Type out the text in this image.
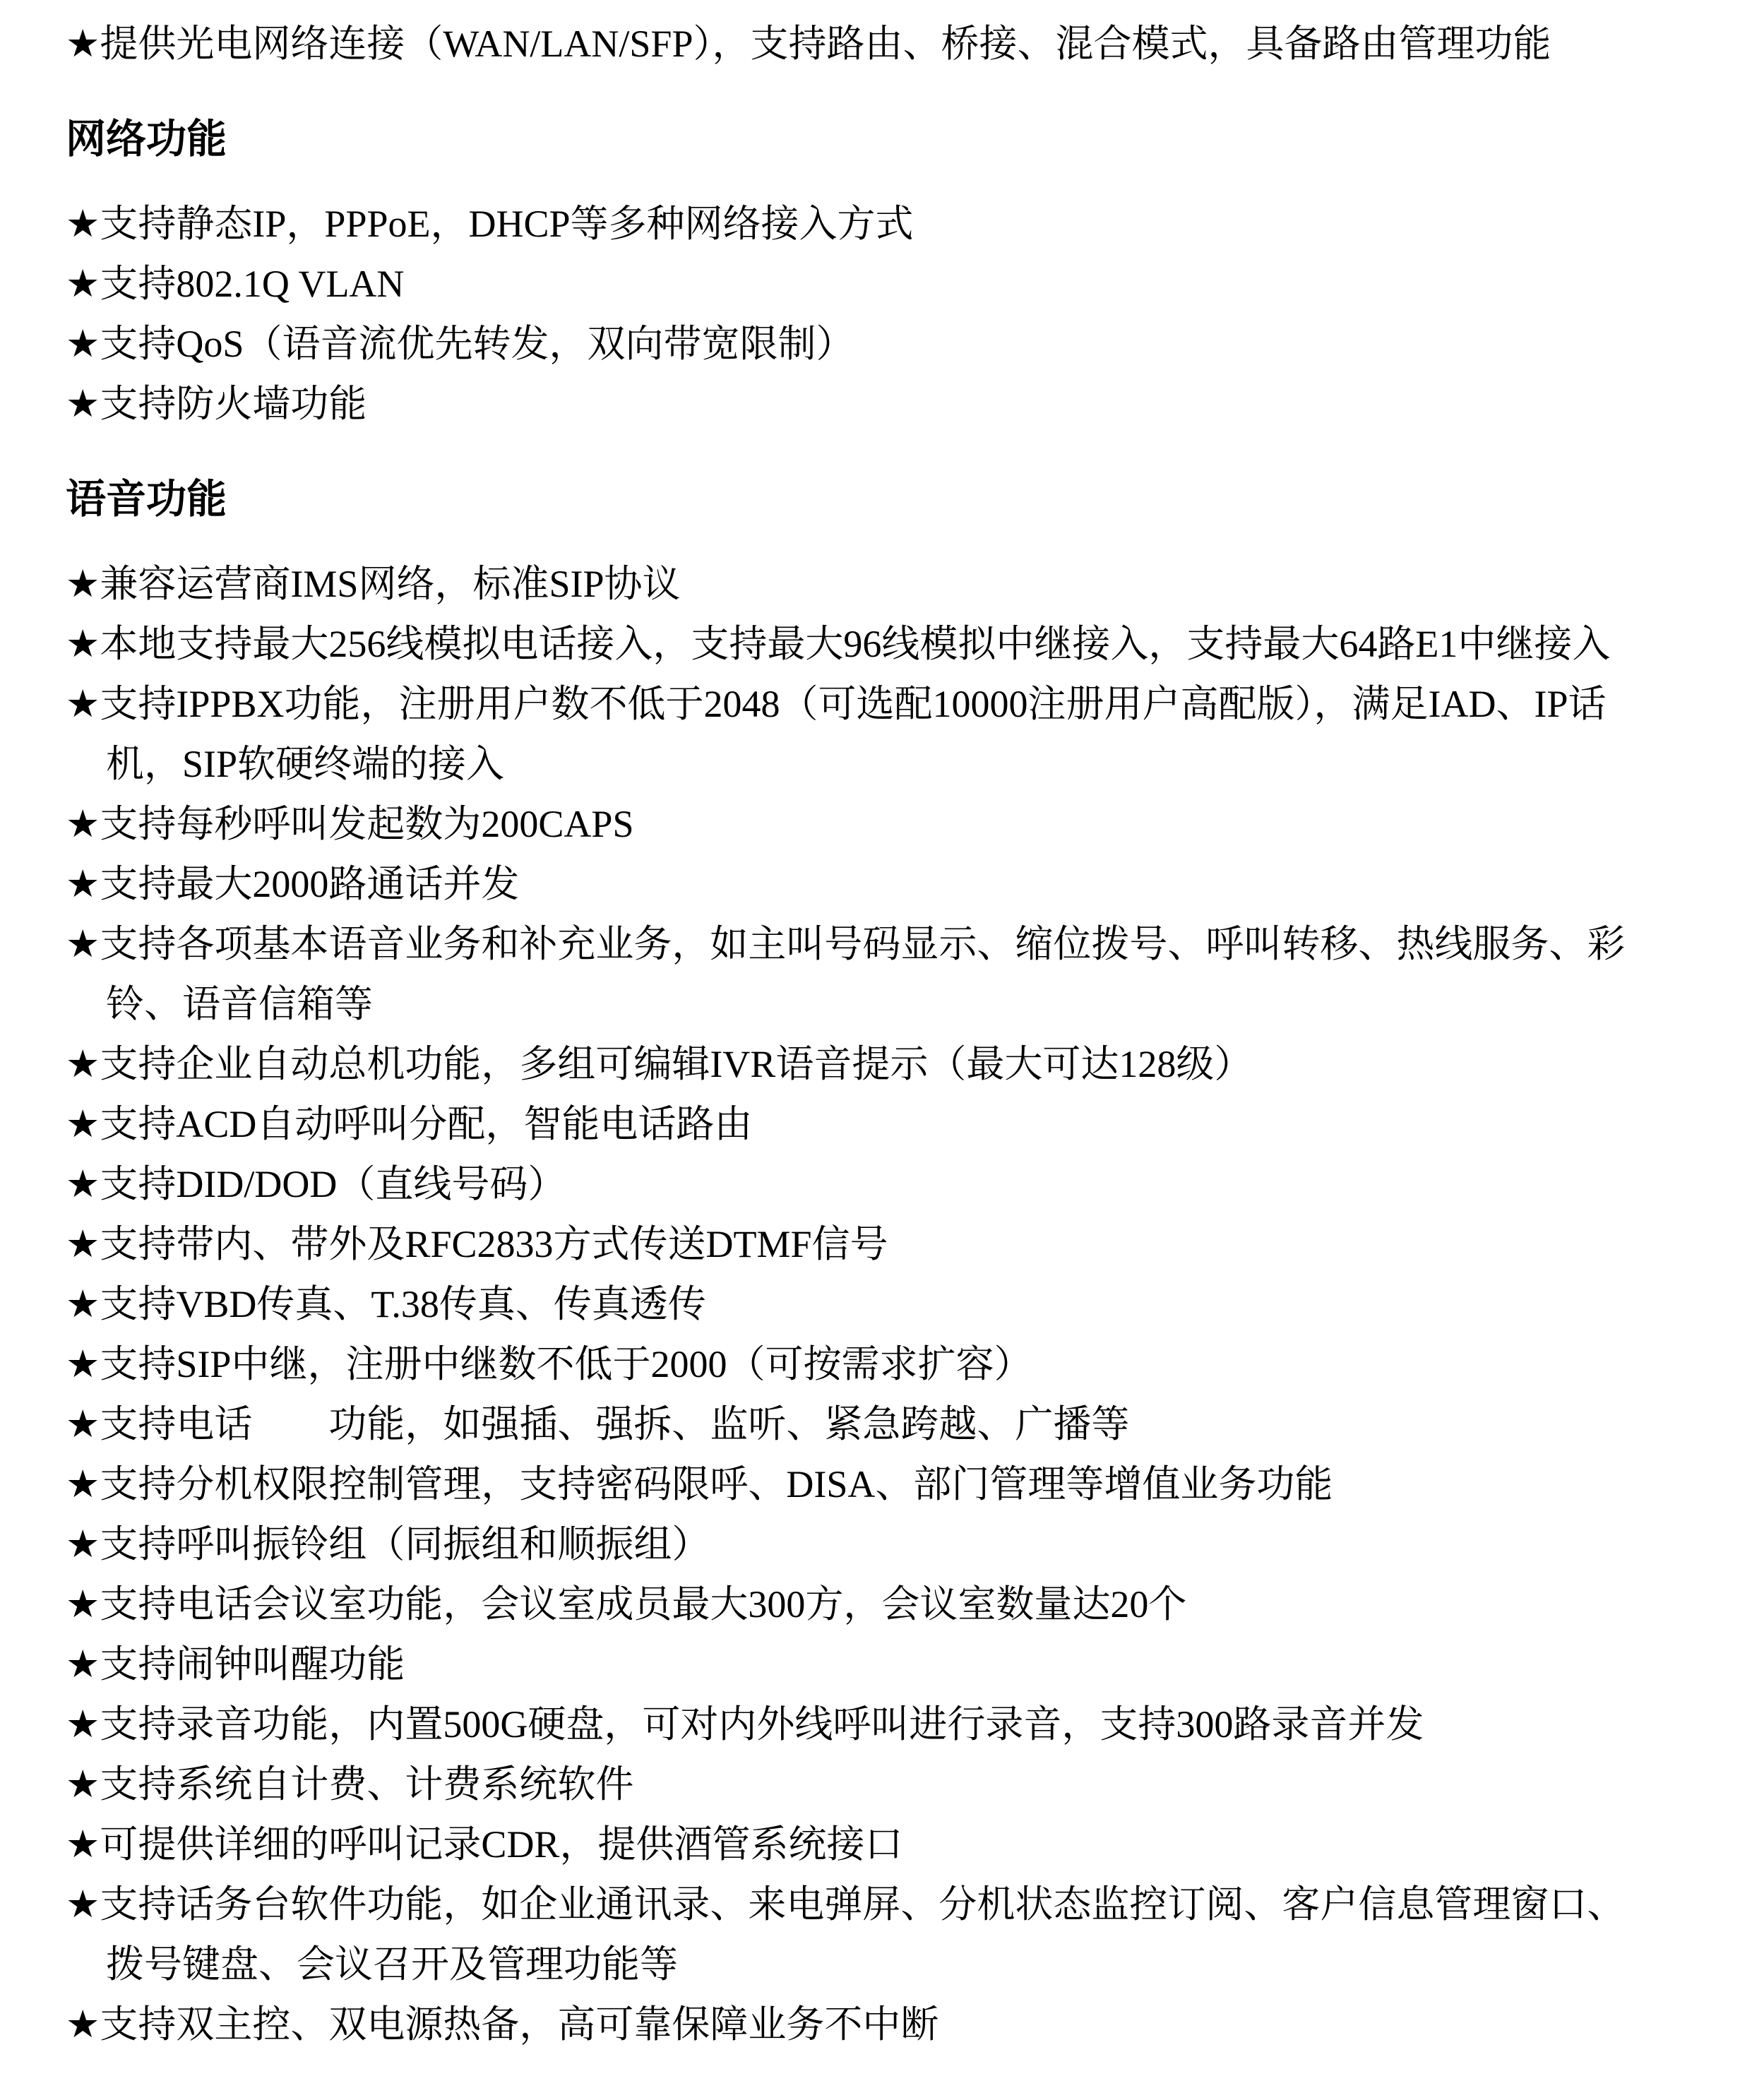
★提供光电网络连接（WAN/LAN/SFP），支持路由、桥接、混合模式，具备路由管理功能
网络功能
★支持静态IP，PPPoE，DHCP等多种网络接入方式
★支持802.1Q VLAN
★支持QoS（语音流优先转发，双向带宽限制）
★支持防火墙功能
语音功能
★兼容运营商IMS网络，标准SIP协议
★本地支持最大256线模拟电话接入，支持最大96线模拟中继接入，支持最大64路E1中继接入
★支持IPPBX功能，注册用户数不低于2048（可选配10000注册用户高配版），满足IAD、IP话
机，SIP软硬终端的接入
★支持每秒呼叫发起数为200CAPS
★支持最大2000路通话并发
★支持各项基本语音业务和补充业务，如主叫号码显示、缩位拨号、呼叫转移、热线服务、彩
铃、语音信箱等
★支持企业自动总机功能，多组可编辑IVR语音提示（最大可达128级）
★支持ACD自动呼叫分配，智能电话路由
★支持DID/DOD（直线号码）
★支持带内、带外及RFC2833方式传送DTMF信号
★支持VBD传真、T.38传真、传真透传
★支持SIP中继，注册中继数不低于2000（可按需求扩容）
★支持电话　　功能，如强插、强拆、监听、紧急跨越、广播等
★支持分机权限控制管理，支持密码限呼、DISA、部门管理等增值业务功能
★支持呼叫振铃组（同振组和顺振组）
★支持电话会议室功能，会议室成员最大300方，会议室数量达20个
★支持闹钟叫醒功能
★支持录音功能，内置500G硬盘，可对内外线呼叫进行录音，支持300路录音并发
★支持系统自计费、计费系统软件
★可提供详细的呼叫记录CDR，提供酒管系统接口
★支持话务台软件功能，如企业通讯录、来电弹屏、分机状态监控订阅、客户信息管理窗口、
拨号键盘、会议召开及管理功能等
★支持双主控、双电源热备，高可靠保障业务不中断
